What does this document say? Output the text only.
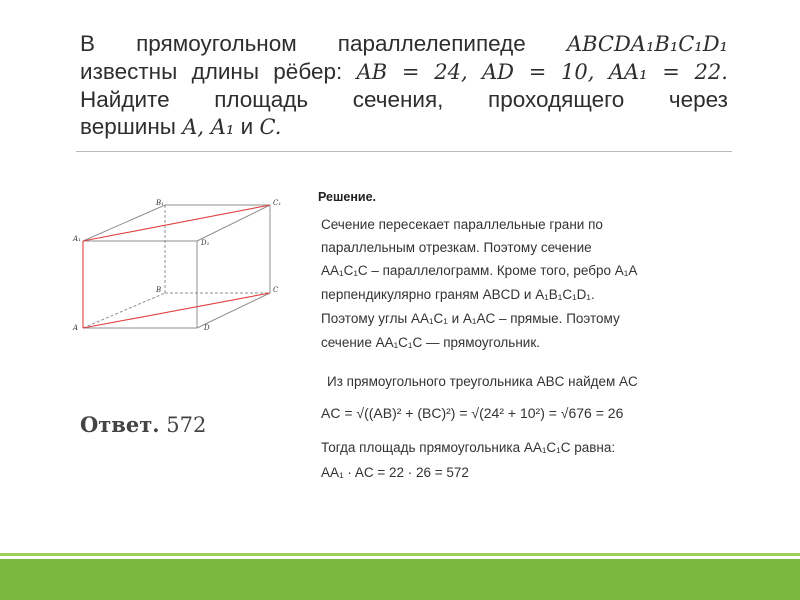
В прямоугольном параллелепипеде ABCDA₁B₁C₁D₁
известны длины рёбер: AB = 24, AD = 10, AA₁ = 22.
Найдите площадь сечения, проходящего через
вершины A, A₁ и C.
B₁	C₁
A₁	D₁
B	C
A	D
Решение.
Сечение пересекает параллельные грани по
параллельным отрезкам. Поэтому сечение
AA₁C₁C – параллелограмм. Кроме того, ребро A₁A
перпендикулярно граням ABCD и A₁B₁C₁D₁.
Поэтому углы AA₁C₁ и A₁AC – прямые. Поэтому
сечение AA₁C₁C — прямоугольник.
Из прямоугольного треугольника ABC найдем AC
AC = √((AB)² + (BC)²) = √(24² + 10²) = √676 = 26
Тогда площадь прямоугольника AA₁C₁C равна:
AA₁ · AC = 22 · 26 = 572
Ответ. 572
